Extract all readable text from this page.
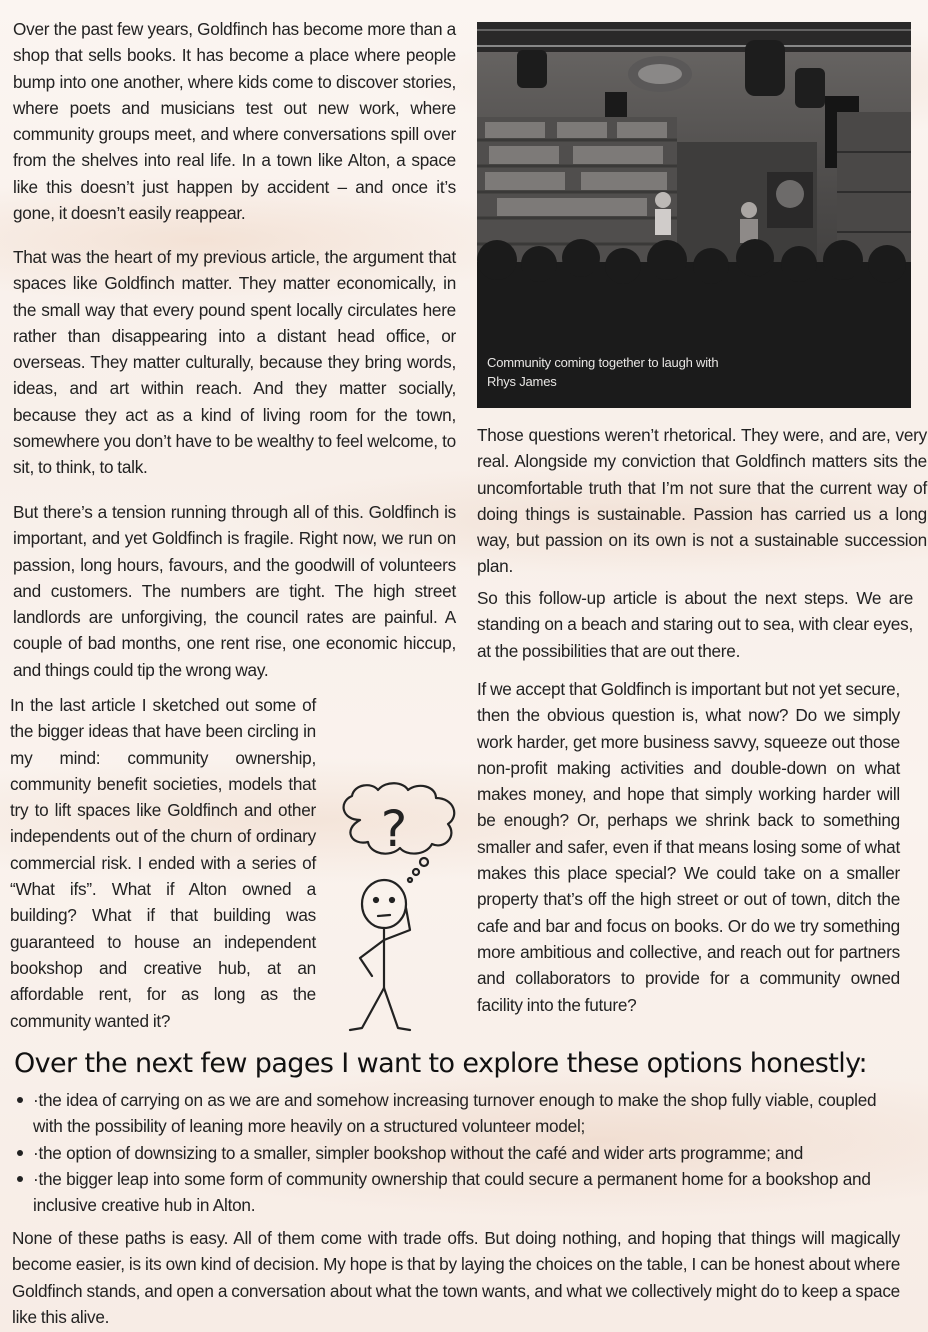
Over the past few years, Goldfinch has become more than a shop that sells books. It has become a place where people bump into one another, where kids come to discover stories, where poets and musicians test out new work, where community groups meet, and where conversations spill over from the shelves into real life. In a town like Alton, a space like this doesn’t just happen by accident – and once it’s gone, it doesn’t easily reappear.

That was the heart of my previous article, the argument that spaces like Goldfinch matter. They matter economically, in the small way that every pound spent locally circulates here rather than disappearing into a distant head office, or overseas. They matter culturally, because they bring words, ideas, and art within reach. And they matter socially, because they act as a kind of living room for the town, somewhere you don’t have to be wealthy to feel welcome, to sit, to think, to talk.

But there’s a tension running through all of this. Goldfinch is important, and yet Goldfinch is fragile. Right now, we run on passion, long hours, favours, and the goodwill of volunteers and customers. The numbers are tight. The high street landlords are unforgiving, the council rates are painful. A couple of bad months, one rent rise, one economic hiccup, and things could tip the wrong way.

In the last article I sketched out some of the bigger ideas that have been circling in my mind: community ownership, community benefit societies, models that try to lift spaces like Goldfinch and other independents out of the churn of ordinary commercial risk. I ended with a series of “What ifs”. What if Alton owned a building? What if that building was guaranteed to house an independent bookshop and creative hub, at an affordable rent, for as long as the community wanted it?

Community coming together to laugh with Rhys James

Those questions weren’t rhetorical. They were, and are, very real. Alongside my conviction that Goldfinch matters sits the uncomfortable truth that I’m not sure that the current way of doing things is sustainable. Passion has carried us a long way, but passion on its own is not a sustainable succession plan.

So this follow-up article is about the next steps. We are standing on a beach and staring out to sea, with clear eyes, at the possibilities that are out there.

If we accept that Goldfinch is important but not yet secure, then the obvious question is, what now? Do we simply work harder, get more business savvy, squeeze out those non-profit making activities and double-down on what makes money, and hope that simply working harder will be enough? Or, perhaps we shrink back to something smaller and safer, even if that means losing some of what makes this place special? We could take on a smaller property that’s off the high street or out of town, ditch the cafe and bar and focus on books. Or do we try something more ambitious and collective, and reach out for partners and collaborators to provide for a community owned facility into the future?

?
Over the next few pages I want to explore these options honestly:
·the idea of carrying on as we are and somehow increasing turnover enough to make the shop fully viable, coupled with the possibility of leaning more heavily on a structured volunteer model;
·the option of downsizing to a smaller, simpler bookshop without the café and wider arts programme; and
·the bigger leap into some form of community ownership that could secure a permanent home for a bookshop and inclusive creative hub in Alton.

None of these paths is easy. All of them come with trade offs. But doing nothing, and hoping that things will magically become easier, is its own kind of decision. My hope is that by laying the choices on the table, I can be honest about where Goldfinch stands, and open a conversation about what the town wants, and what we collectively might do to keep a space like this alive.
